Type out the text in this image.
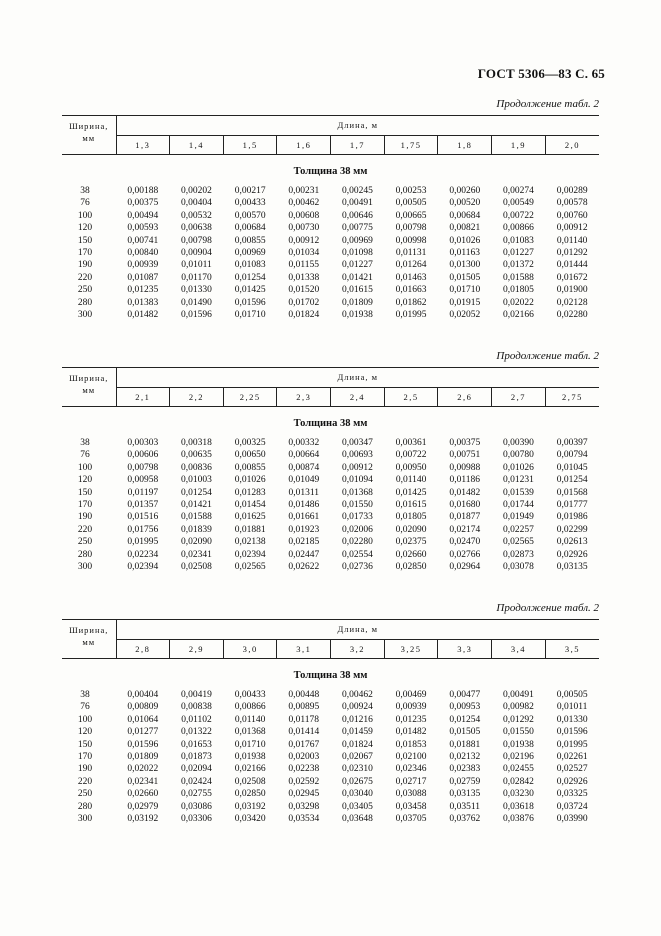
ГОСТ 5306—83 С. 65
Продолжение табл. 2
Ширина, мм	Длина, м								
	1,3	1,4	1,5	1,6	1,7	1,75	1,8	1,9	2,0
Толщина 38 мм									
38	0,00188	0,00202	0,00217	0,00231	0,00245	0,00253	0,00260	0,00274	0,00289
76	0,00375	0,00404	0,00433	0,00462	0,00491	0,00505	0,00520	0,00549	0,00578
100	0,00494	0,00532	0,00570	0,00608	0,00646	0,00665	0,00684	0,00722	0,00760
120	0,00593	0,00638	0,00684	0,00730	0,00775	0,00798	0,00821	0,00866	0,00912
150	0,00741	0,00798	0,00855	0,00912	0,00969	0,00998	0,01026	0,01083	0,01140
170	0,00840	0,00904	0,00969	0,01034	0,01098	0,01131	0,01163	0,01227	0,01292
190	0,00939	0,01011	0,01083	0,01155	0,01227	0,01264	0,01300	0,01372	0,01444
220	0,01087	0,01170	0,01254	0,01338	0,01421	0,01463	0,01505	0,01588	0,01672
250	0,01235	0,01330	0,01425	0,01520	0,01615	0,01663	0,01710	0,01805	0,01900
280	0,01383	0,01490	0,01596	0,01702	0,01809	0,01862	0,01915	0,02022	0,02128
300	0,01482	0,01596	0,01710	0,01824	0,01938	0,01995	0,02052	0,02166	0,02280
Продолжение табл. 2
Ширина, мм	Длина, м								
	2,1	2,2	2,25	2,3	2,4	2,5	2,6	2,7	2,75
Толщина 38 мм									
38	0,00303	0,00318	0,00325	0,00332	0,00347	0,00361	0,00375	0,00390	0,00397
76	0,00606	0,00635	0,00650	0,00664	0,00693	0,00722	0,00751	0,00780	0,00794
100	0,00798	0,00836	0,00855	0,00874	0,00912	0,00950	0,00988	0,01026	0,01045
120	0,00958	0,01003	0,01026	0,01049	0,01094	0,01140	0,01186	0,01231	0,01254
150	0,01197	0,01254	0,01283	0,01311	0,01368	0,01425	0,01482	0,01539	0,01568
170	0,01357	0,01421	0,01454	0,01486	0,01550	0,01615	0,01680	0,01744	0,01777
190	0,01516	0,01588	0,01625	0,01661	0,01733	0,01805	0,01877	0,01949	0,01986
220	0,01756	0,01839	0,01881	0,01923	0,02006	0,02090	0,02174	0,02257	0,02299
250	0,01995	0,02090	0,02138	0,02185	0,02280	0,02375	0,02470	0,02565	0,02613
280	0,02234	0,02341	0,02394	0,02447	0,02554	0,02660	0,02766	0,02873	0,02926
300	0,02394	0,02508	0,02565	0,02622	0,02736	0,02850	0,02964	0,03078	0,03135
Продолжение табл. 2
Ширина, мм	Длина, м								
	2,8	2,9	3,0	3,1	3,2	3,25	3,3	3,4	3,5
Толщина 38 мм									
38	0,00404	0,00419	0,00433	0,00448	0,00462	0,00469	0,00477	0,00491	0,00505
76	0,00809	0,00838	0,00866	0,00895	0,00924	0,00939	0,00953	0,00982	0,01011
100	0,01064	0,01102	0,01140	0,01178	0,01216	0,01235	0,01254	0,01292	0,01330
120	0,01277	0,01322	0,01368	0,01414	0,01459	0,01482	0,01505	0,01550	0,01596
150	0,01596	0,01653	0,01710	0,01767	0,01824	0,01853	0,01881	0,01938	0,01995
170	0,01809	0,01873	0,01938	0,02003	0,02067	0,02100	0,02132	0,02196	0,02261
190	0,02022	0,02094	0,02166	0,02238	0,02310	0,02346	0,02383	0,02455	0,02527
220	0,02341	0,02424	0,02508	0,02592	0,02675	0,02717	0,02759	0,02842	0,02926
250	0,02660	0,02755	0,02850	0,02945	0,03040	0,03088	0,03135	0,03230	0,03325
280	0,02979	0,03086	0,03192	0,03298	0,03405	0,03458	0,03511	0,03618	0,03724
300	0,03192	0,03306	0,03420	0,03534	0,03648	0,03705	0,03762	0,03876	0,03990
